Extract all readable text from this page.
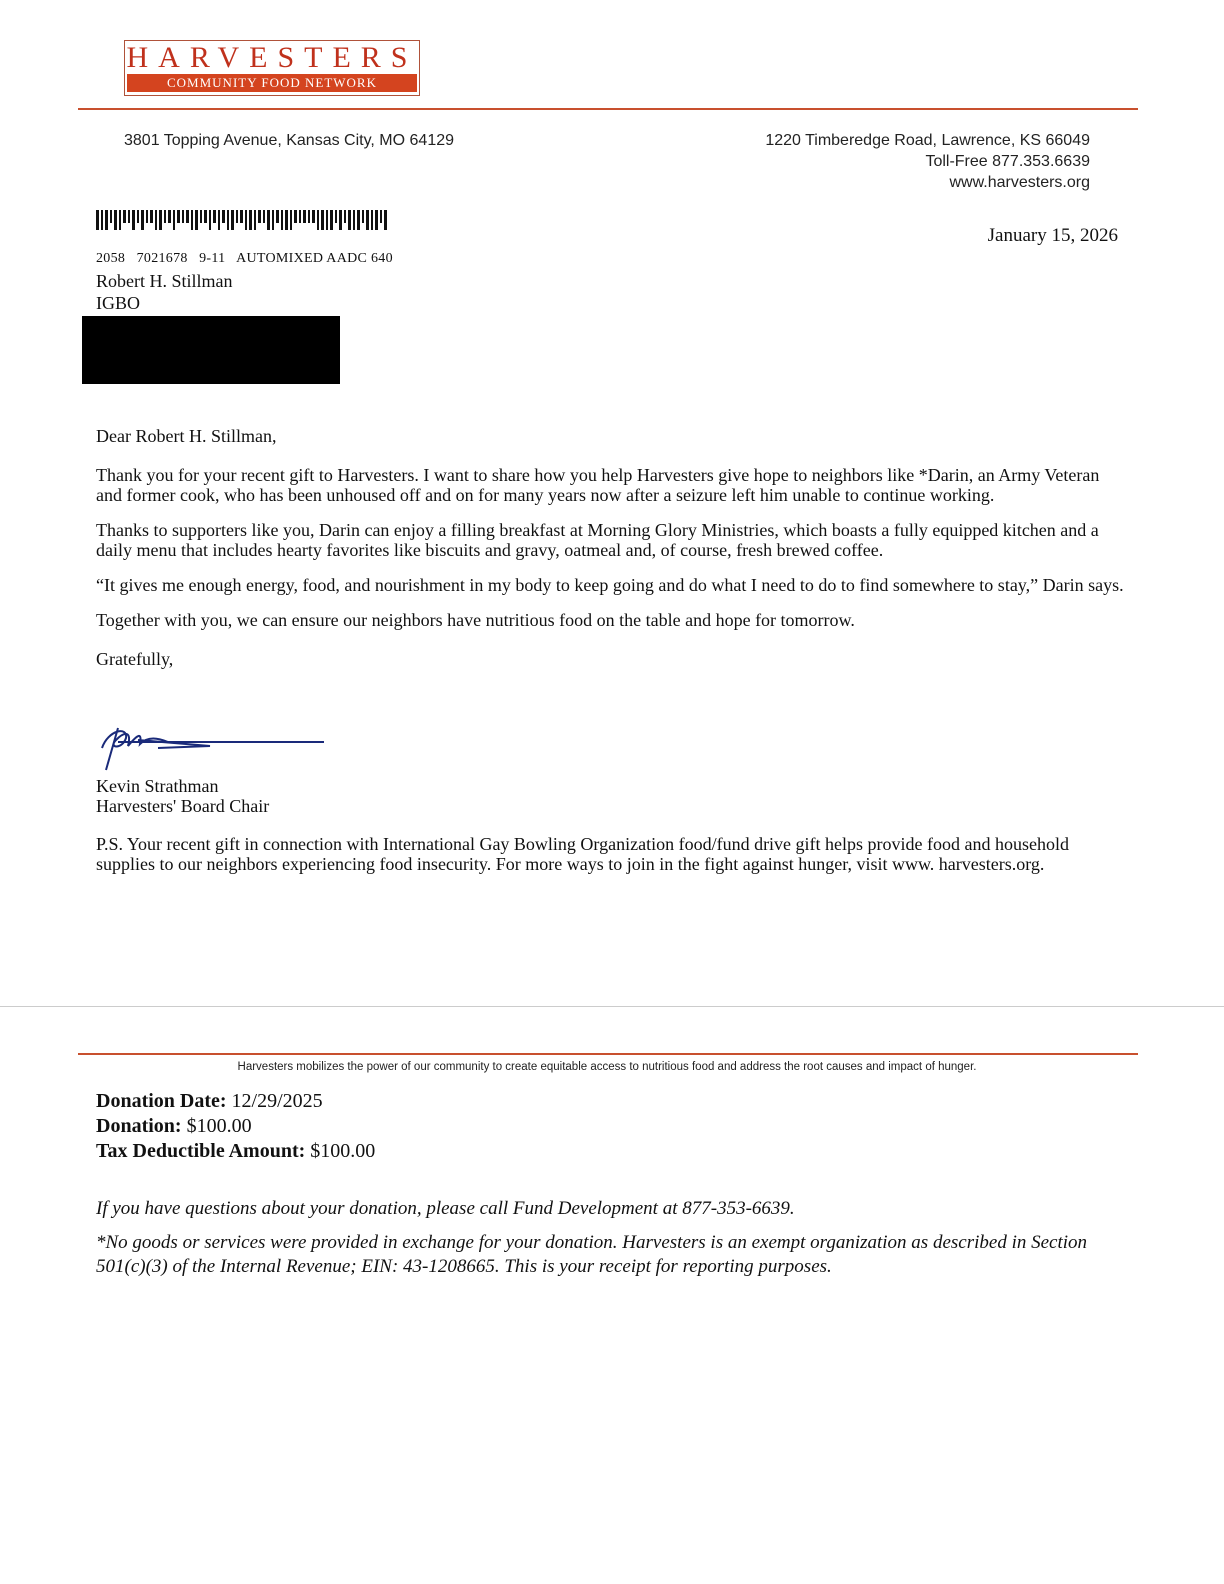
HARVESTERS
COMMUNITY FOOD NETWORK
3801 Topping Avenue, Kansas City, MO 64129	1220 Timberedge Road, Lawrence, KS 66049
Toll-Free 877.353.6639
www.harvesters.org
January 15, 2026
2058   7021678   9-11   AUTOMIXED AADC 640
Robert H. Stillman
IGBO

Dear Robert H. Stillman,

Thank you for your recent gift to Harvesters. I want to share how you help Harvesters give hope to neighbors like *Darin, an Army Veteran and former cook, who has been unhoused off and on for many years now after a seizure left him unable to continue working.

Thanks to supporters like you, Darin can enjoy a filling breakfast at Morning Glory Ministries, which boasts a fully equipped kitchen and a daily menu that includes hearty favorites like biscuits and gravy, oatmeal and, of course, fresh brewed coffee.

“It gives me enough energy, food, and nourishment in my body to keep going and do what I need to do to find somewhere to stay,” Darin says.

Together with you, we can ensure our neighbors have nutritious food on the table and hope for tomorrow.

Gratefully,

Kevin Strathman
Harvesters' Board Chair
P.S. Your recent gift in connection with International Gay Bowling Organization food/fund drive gift helps provide food and household supplies to our neighbors experiencing food insecurity. For more ways to join in the fight against hunger, visit www. harvesters.org.
Harvesters mobilizes the power of our community to create equitable access to nutritious food and address the root causes and impact of hunger.
Donation Date: 12/29/2025
Donation: $100.00
Tax Deductible Amount: $100.00

If you have questions about your donation, please call Fund Development at 877-353-6639.

*No goods or services were provided in exchange for your donation. Harvesters is an exempt organization as described in Section 501(c)(3) of the Internal Revenue; EIN: 43-1208665. This is your receipt for reporting purposes.
